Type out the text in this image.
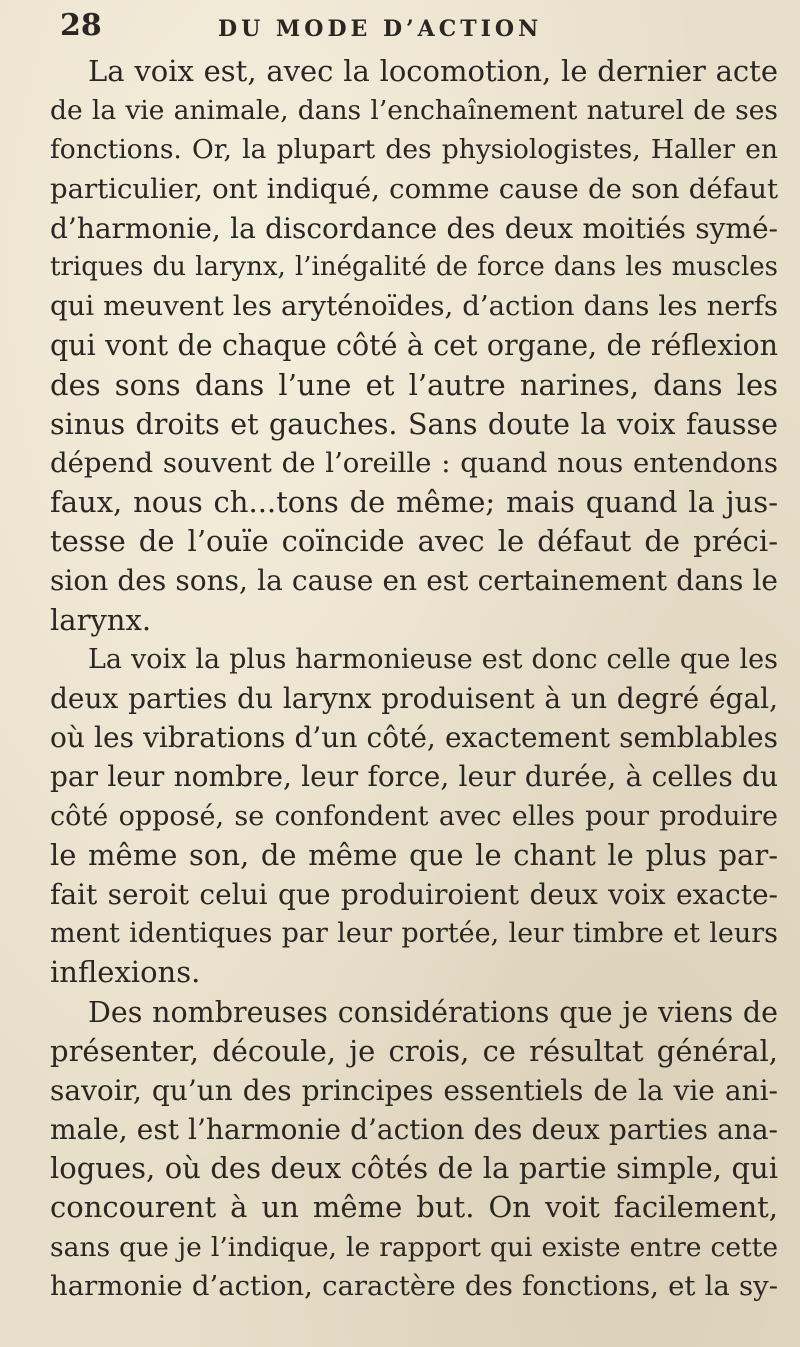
28	DU MODE D’ACTION
La voix est, avec la locomotion, le dernier acte
de la vie animale, dans l’enchaînement naturel de ses
fonctions. Or, la plupart des physiologistes, Haller en
particulier, ont indiqué, comme cause de son défaut
d’harmonie, la discordance des deux moitiés symé-
triques du larynx, l’inégalité de force dans les muscles
qui meuvent les aryténoïdes, d’action dans les nerfs
qui vont de chaque côté à cet organe, de réflexion
des sons dans l’une et l’autre narines, dans les
sinus droits et gauches. Sans doute la voix fausse
dépend souvent de l’oreille : quand nous entendons
faux, nous ch...tons de même; mais quand la jus-
tesse de l’ouïe coïncide avec le défaut de préci-
sion des sons, la cause en est certainement dans le
larynx.
La voix la plus harmonieuse est donc celle que les
deux parties du larynx produisent à un degré égal,
où les vibrations d’un côté, exactement semblables
par leur nombre, leur force, leur durée, à celles du
côté opposé, se confondent avec elles pour produire
le même son, de même que le chant le plus par-
fait seroit celui que produiroient deux voix exacte-
ment identiques par leur portée, leur timbre et leurs
inflexions.
Des nombreuses considérations que je viens de
présenter, découle, je crois, ce résultat général,
savoir, qu’un des principes essentiels de la vie ani-
male, est l’harmonie d’action des deux parties ana-
logues, où des deux côtés de la partie simple, qui
concourent à un même but. On voit facilement,
sans que je l’indique, le rapport qui existe entre cette
harmonie d’action, caractère des fonctions, et la sy-
